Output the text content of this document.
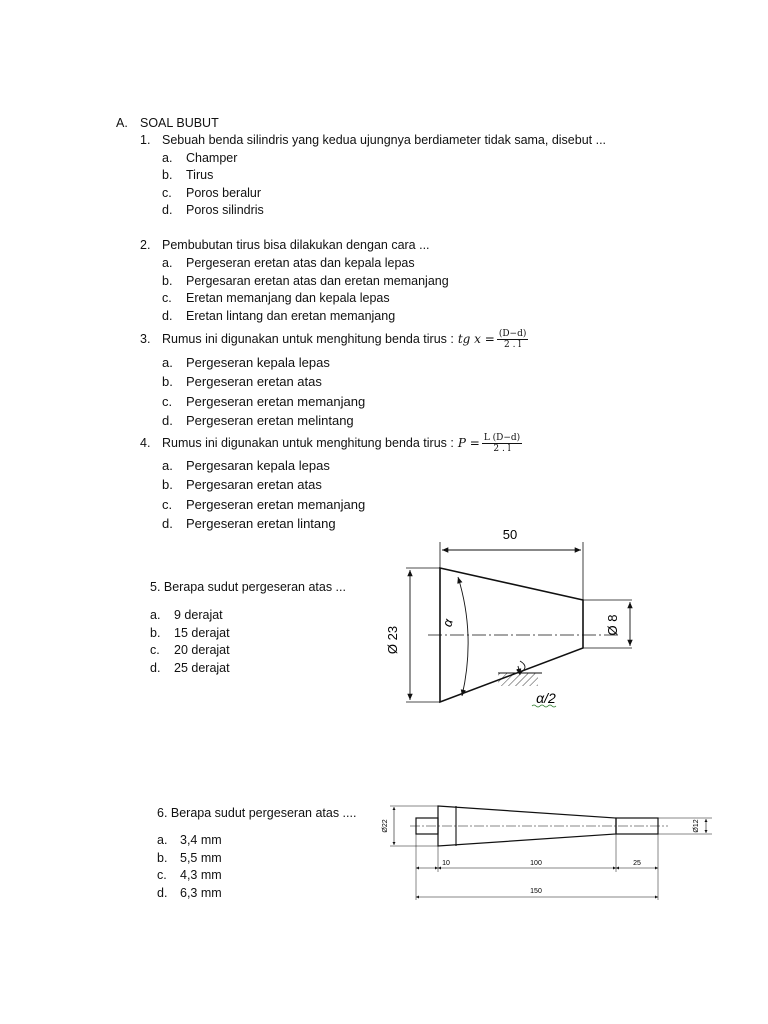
A. SOAL BUBUT
1. Sebuah benda silindris yang kedua ujungnya berdiameter tidak sama, disebut ...
a. Champer
b. Tirus
c. Poros beralur
d. Poros silindris
2. Pembubutan tirus bisa dilakukan dengan cara ...
a. Pergeseran eretan atas dan kepala lepas
b. Pergesaran eretan atas dan eretan memanjang
c. Eretan memanjang dan kepala lepas
d. Eretan lintang dan eretan memanjang
3. Rumus ini digunakan untuk menghitung benda tirus : tg $x = \frac{(D-d)}{2 . l}$
a. Pergeseran kepala lepas
b. Pergeseran eretan atas
c. Pergeseran eretan memanjang
d. Pergeseran eretan melintang
4. Rumus ini digunakan untuk menghitung benda tirus : $P = \frac{L (D-d)}{2 . l}$
a. Pergesaran kepala lepas
b. Pergesaran eretan atas
c. Pergeseran eretan memanjang
d. Pergeseran eretan lintang
5. Berapa sudut pergeseran atas ...
a. 9 derajat
b. 15 derajat
c. 20 derajat
d. 25 derajat
50
Ø 8
Ø 23
α
α/2
6. Berapa sudut pergeseran atas ....
a. 3,4 mm
b. 5,5 mm
c. 4,3 mm
d. 6,3 mm
Ø22	Ø12
10	100	25
150
